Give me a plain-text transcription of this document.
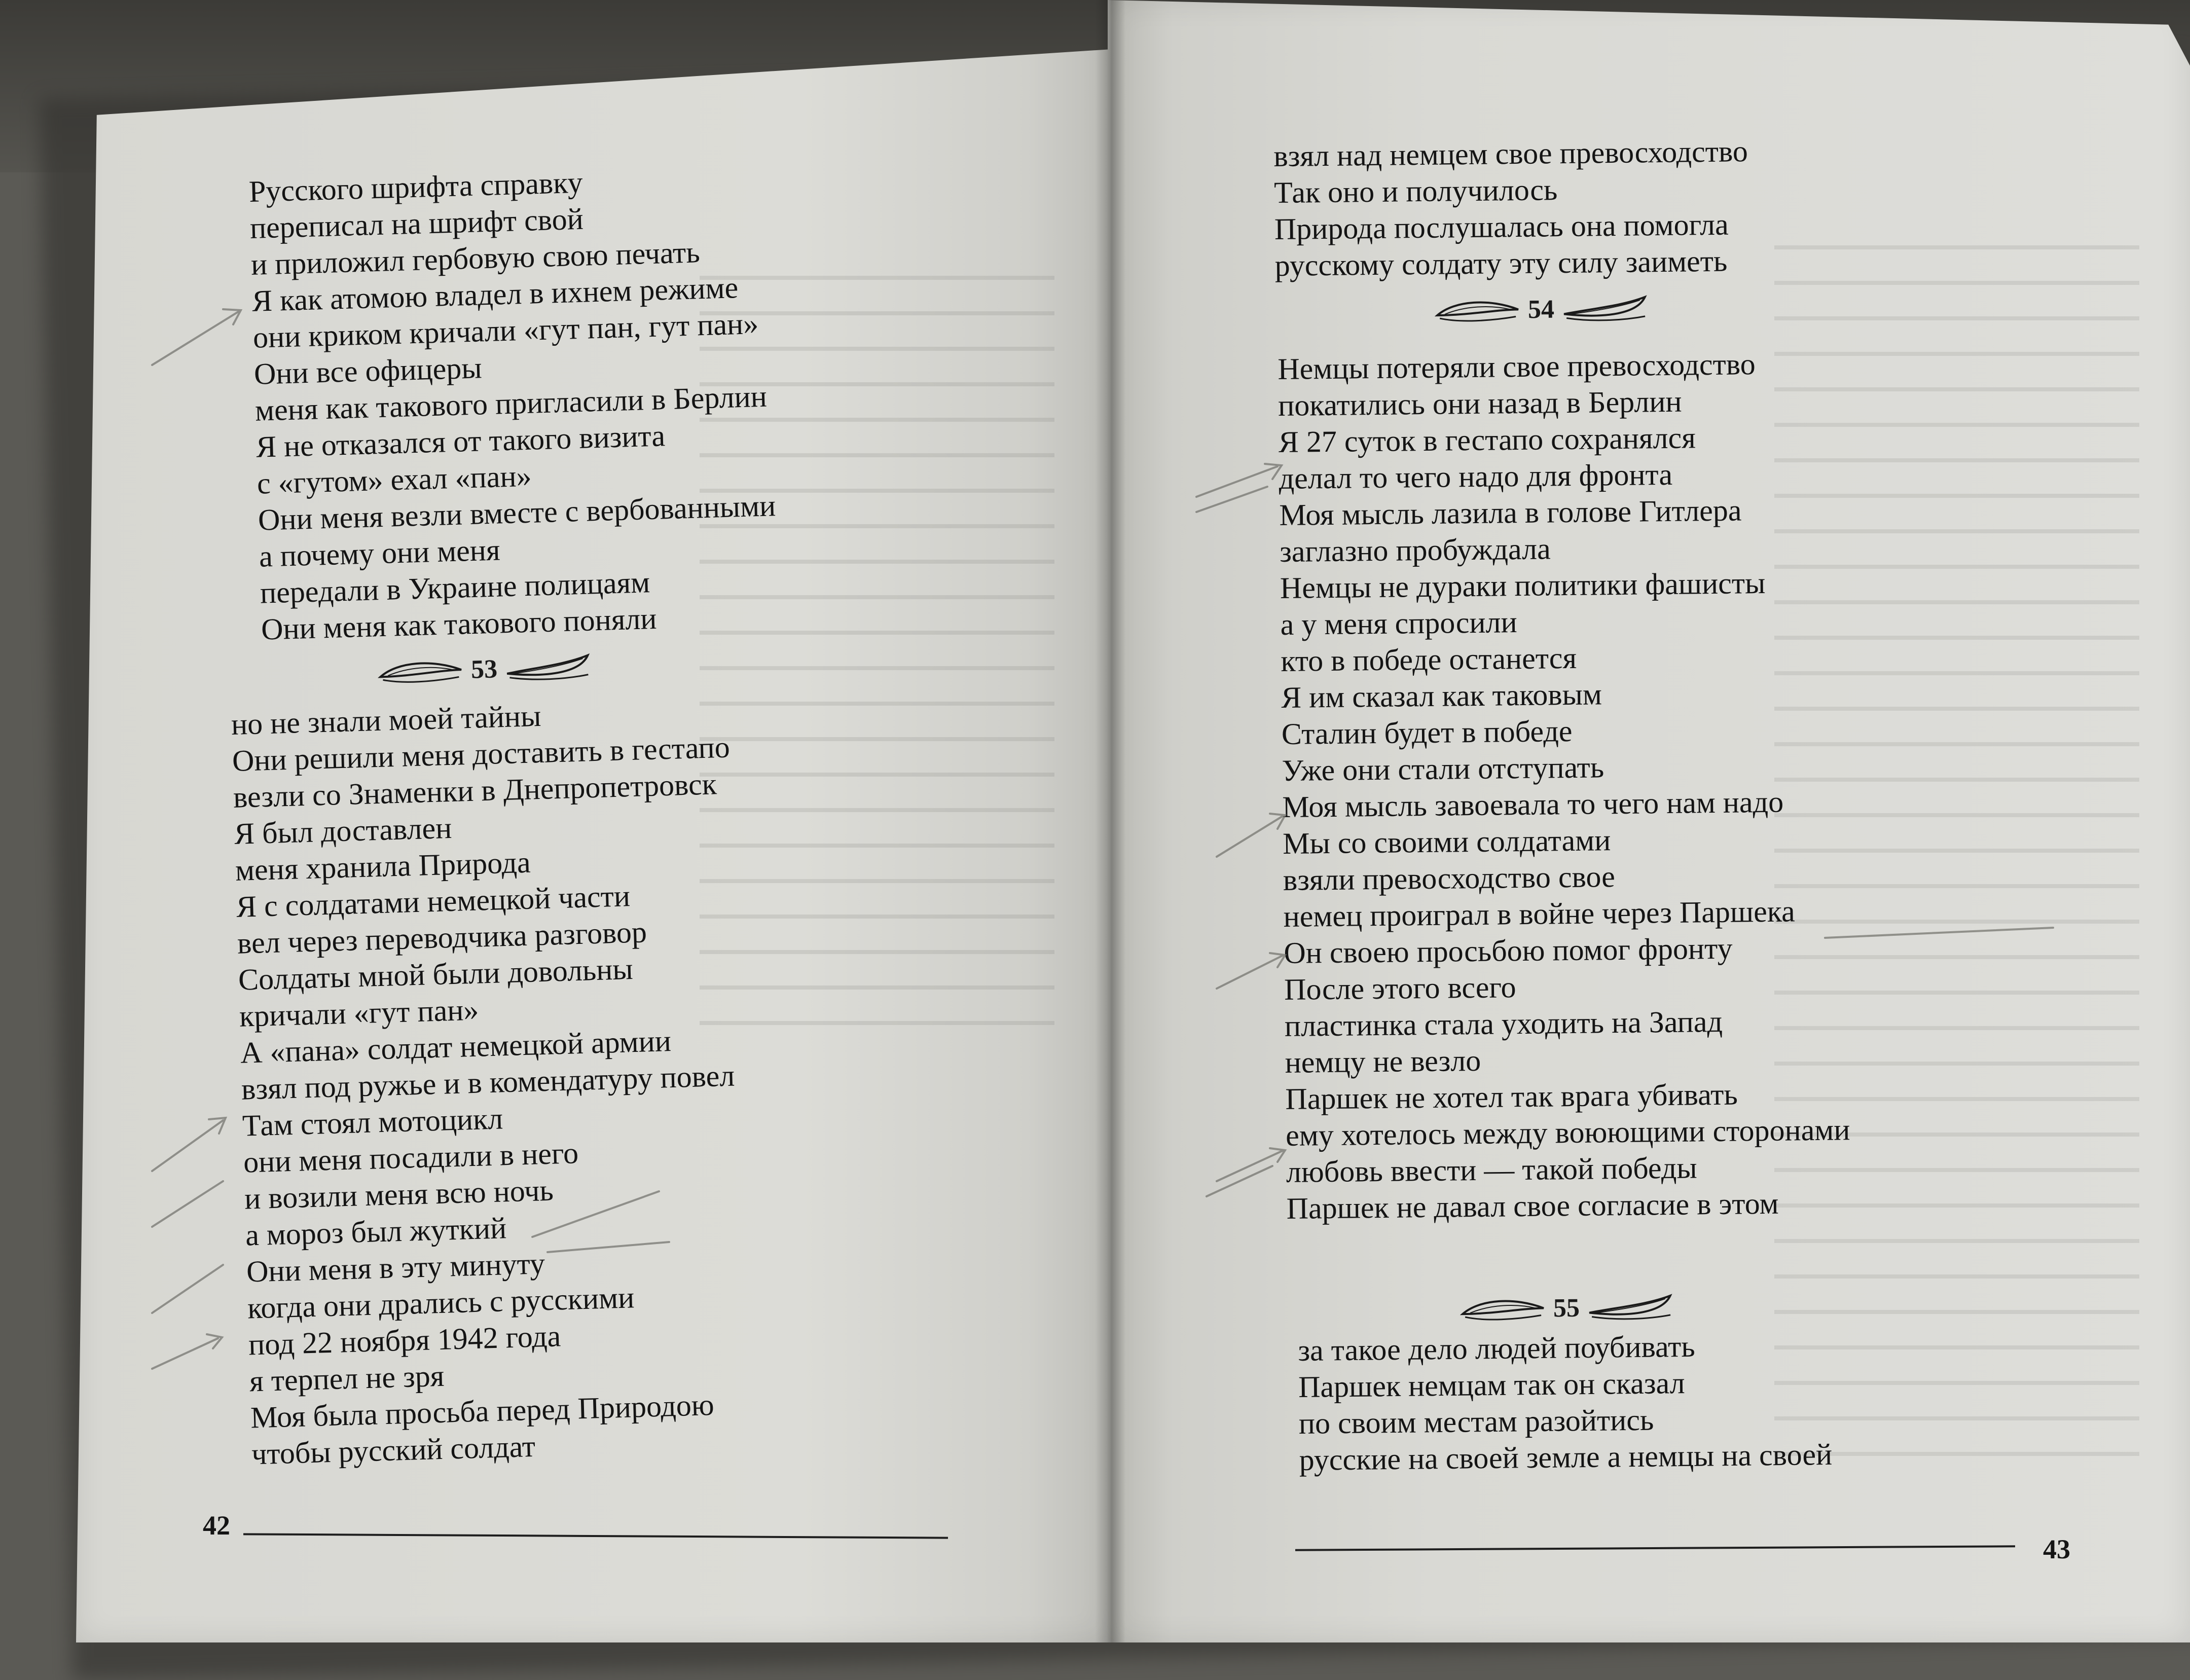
Русского шрифта справку
переписал на шрифт свой
и приложил гербовую свою печать
Я как атомою владел в ихнем режиме
они криком кричали «гут пан, гут пан»
Они все офицеры
меня как такового пригласили в Берлин
Я не отказался от такого визита
с «гутом» ехал «пан»
Они меня везли вместе с вербованными
а почему они меня
передали в Украине полицаям
Они меня как такового поняли
53
но не знали моей тайны
Они решили меня доставить в гестапо
везли со Знаменки в Днепропетровск
Я был доставлен
меня хранила Природа
Я с солдатами немецкой части
вел через переводчика разговор
Солдаты мной были довольны
кричали «гут пан»
А «пана» солдат немецкой армии
взял под ружье и в комендатуру повел
Там стоял мотоцикл
они меня посадили в него
и возили меня всю ночь
а мороз был жуткий
Они меня в эту минуту
когда они дрались с русскими
под 22 ноября 1942 года
я терпел не зря
Моя была просьба перед Природою
чтобы русский солдат
42
взял над немцем свое превосходство
Так оно и получилось
Природа послушалась она помогла
русскому солдату эту силу заиметь
54
Немцы потеряли свое превосходство
покатились они назад в Берлин
Я 27 суток в гестапо сохранялся
делал то чего надо для фронта
Моя мысль лазила в голове Гитлера
заглазно пробуждала
Немцы не дураки политики фашисты
а у меня спросили
кто в победе останется
Я им сказал как таковым
Сталин будет в победе
Уже они стали отступать
Моя мысль завоевала то чего нам надо
Мы со своими солдатами
взяли превосходство свое
немец проиграл в войне через Паршека
Он своею просьбою помог фронту
После этого всего
пластинка стала уходить на Запад
немцу не везло
Паршек не хотел так врага убивать
ему хотелось между воюющими сторонами
любовь ввести — такой победы
Паршек не давал свое согласие в этом
55
за такое дело людей поубивать
Паршек немцам так он сказал
по своим местам разойтись
русские на своей земле а немцы на своей
43
